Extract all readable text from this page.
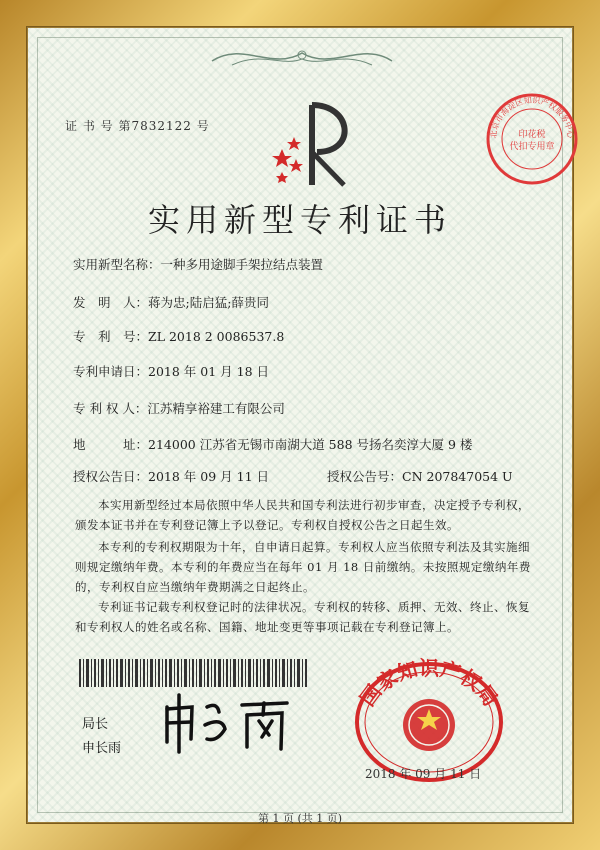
证 书 号 第7832122 号
印花税
代扣专用章
北京市海淀区知识产权服务中心
实用新型专利证书
实用新型名称：一种多用途脚手架拉结点装置
发　明　人：蒋为忠;陆启猛;薛贵同
专　利　号：ZL 2018 2 0086537.8
专利申请日：2018 年 01 月 18 日
专 利 权 人：江苏精享裕建工有限公司
地　　　址：214000 江苏省无锡市南湖大道 588 号扬名奕淳大厦 9 楼
授权公告日：2018 年 09 月 11 日	授权公告号：CN 207847054 U
本实用新型经过本局依照中华人民共和国专利法进行初步审查，决定授予专利权，颁发本证书并在专利登记簿上予以登记。专利权自授权公告之日起生效。
本专利的专利权期限为十年，自申请日起算。专利权人应当依照专利法及其实施细则规定缴纳年费。本专利的年费应当在每年 01 月 18 日前缴纳。未按照规定缴纳年费的，专利权自应当缴纳年费期满之日起终止。
专利证书记载专利权登记时的法律状况。专利权的转移、质押、无效、终止、恢复和专利权人的姓名或名称、国籍、地址变更等事项记载在专利登记簿上。
局长
申长雨
国家知识产权局
2018 年 09 月 11 日
第 1 页 (共 1 页)
